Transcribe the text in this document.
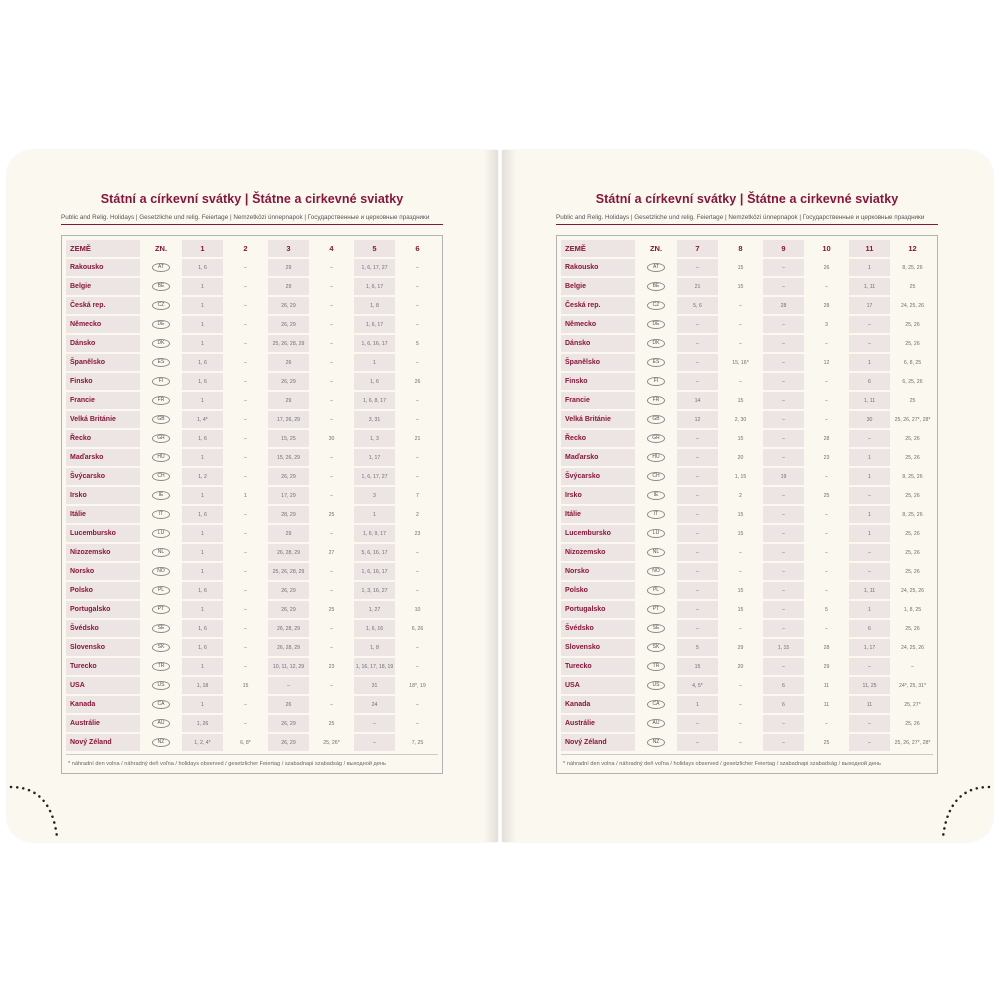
Státní a církevní svátky | Štátne a cirkevné sviatky
Public and Relig. Holidays | Gesetzliche und relig. Feiertage | Nemzetközi ünnepnapok | Государственные и церковные праздники
ZEMĚ	ZN.	1	2	3	4	5	6
Rakousko	AT	1, 6	–	29	–	1, 6, 17, 27	–
Belgie	BE	1	–	29	–	1, 6, 17	–
Česká rep.	CZ	1	–	26, 29	–	1, 8	–
Německo	DE	1	–	26, 29	–	1, 6, 17	–
Dánsko	DK	1	–	25, 26, 28, 29	–	1, 6, 16, 17	5
Španělsko	ES	1, 6	–	26	–	1	–
Finsko	FI	1, 6	–	26, 29	–	1, 6	26
Francie	FR	1	–	29	–	1, 6, 8, 17	–
Velká Británie	GB	1, 4*	–	17, 26, 29	–	3, 31	–
Řecko	GR	1, 6	–	15, 25	30	1, 3	21
Maďarsko	HU	1	–	15, 26, 29	–	1, 17	–
Švýcarsko	CH	1, 2	–	26, 29	–	1, 6, 17, 27	–
Irsko	IE	1	1	17, 29	–	3	7
Itálie	IT	1, 6	–	28, 29	25	1	2
Lucembursko	LU	1	–	29	–	1, 6, 9, 17	23
Nizozemsko	NL	1	–	26, 28, 29	27	5, 6, 16, 17	–
Norsko	NO	1	–	25, 26, 28, 29	–	1, 6, 16, 17	–
Polsko	PL	1, 6	–	26, 29	–	1, 3, 16, 27	–
Portugalsko	PT	1	–	26, 29	25	1, 27	10
Švédsko	SE	1, 6	–	26, 28, 29	–	1, 6, 16	6, 26
Slovensko	SK	1, 6	–	26, 28, 29	–	1, 8	–
Turecko	TR	1	–	10, 11, 12, 29	23	1, 16, 17, 18, 19	–
USA	US	1, 18	15	–	–	31	18*, 19
Kanada	CA	1	–	26	–	24	–
Austrálie	AU	1, 26	–	26, 29	25	–	–
Nový Zéland	NZ	1, 2, 4*	6, 8*	26, 29	25, 26*	–	7, 25
* náhradní den volna / náhradný deň voľna / holidays observed / gesetzlicher Feiertag / szabadnapi szabadság / выходной день
Státní a církevní svátky | Štátne a cirkevné sviatky
Public and Relig. Holidays | Gesetzliche und relig. Feiertage | Nemzetközi ünnepnapok | Государственные и церковные праздники
ZEMĚ	ZN.	7	8	9	10	11	12
Rakousko	AT	–	15	–	26	1	8, 25, 26
Belgie	BE	21	15	–	–	1, 11	25
Česká rep.	CZ	5, 6	–	28	28	17	24, 25, 26
Německo	DE	–	–	–	3	–	25, 26
Dánsko	DK	–	–	–	–	–	25, 26
Španělsko	ES	–	15, 16*	–	12	1	6, 8, 25
Finsko	FI	–	–	–	–	6	6, 25, 26
Francie	FR	14	15	–	–	1, 11	25
Velká Británie	GB	12	2, 30	–	–	30	25, 26, 27*, 28*
Řecko	GR	–	15	–	28	–	25, 26
Maďarsko	HU	–	20	–	23	1	25, 26
Švýcarsko	CH	–	1, 15	19	–	1	8, 25, 26
Irsko	IE	–	2	–	25	–	25, 26
Itálie	IT	–	15	–	–	1	8, 25, 26
Lucembursko	LU	–	15	–	–	1	25, 26
Nizozemsko	NL	–	–	–	–	–	25, 26
Norsko	NO	–	–	–	–	–	25, 26
Polsko	PL	–	15	–	–	1, 11	24, 25, 26
Portugalsko	PT	–	15	–	5	1	1, 8, 25
Švédsko	SE	–	–	–	–	6	25, 26
Slovensko	SK	5	29	1, 15	28	1, 17	24, 25, 26
Turecko	TR	15	20	–	29	–	–
USA	US	4, 5*	–	6	11	11, 25	24*, 25, 31*
Kanada	CA	1	–	6	11	11	25, 27*
Austrálie	AU	–	–	–	–	–	25, 26
Nový Zéland	NZ	–	–	–	25	–	25, 26, 27*, 28*
* náhradní den volna / náhradný deň voľna / holidays observed / gesetzlicher Feiertag / szabadnapi szabadság / выходной день
